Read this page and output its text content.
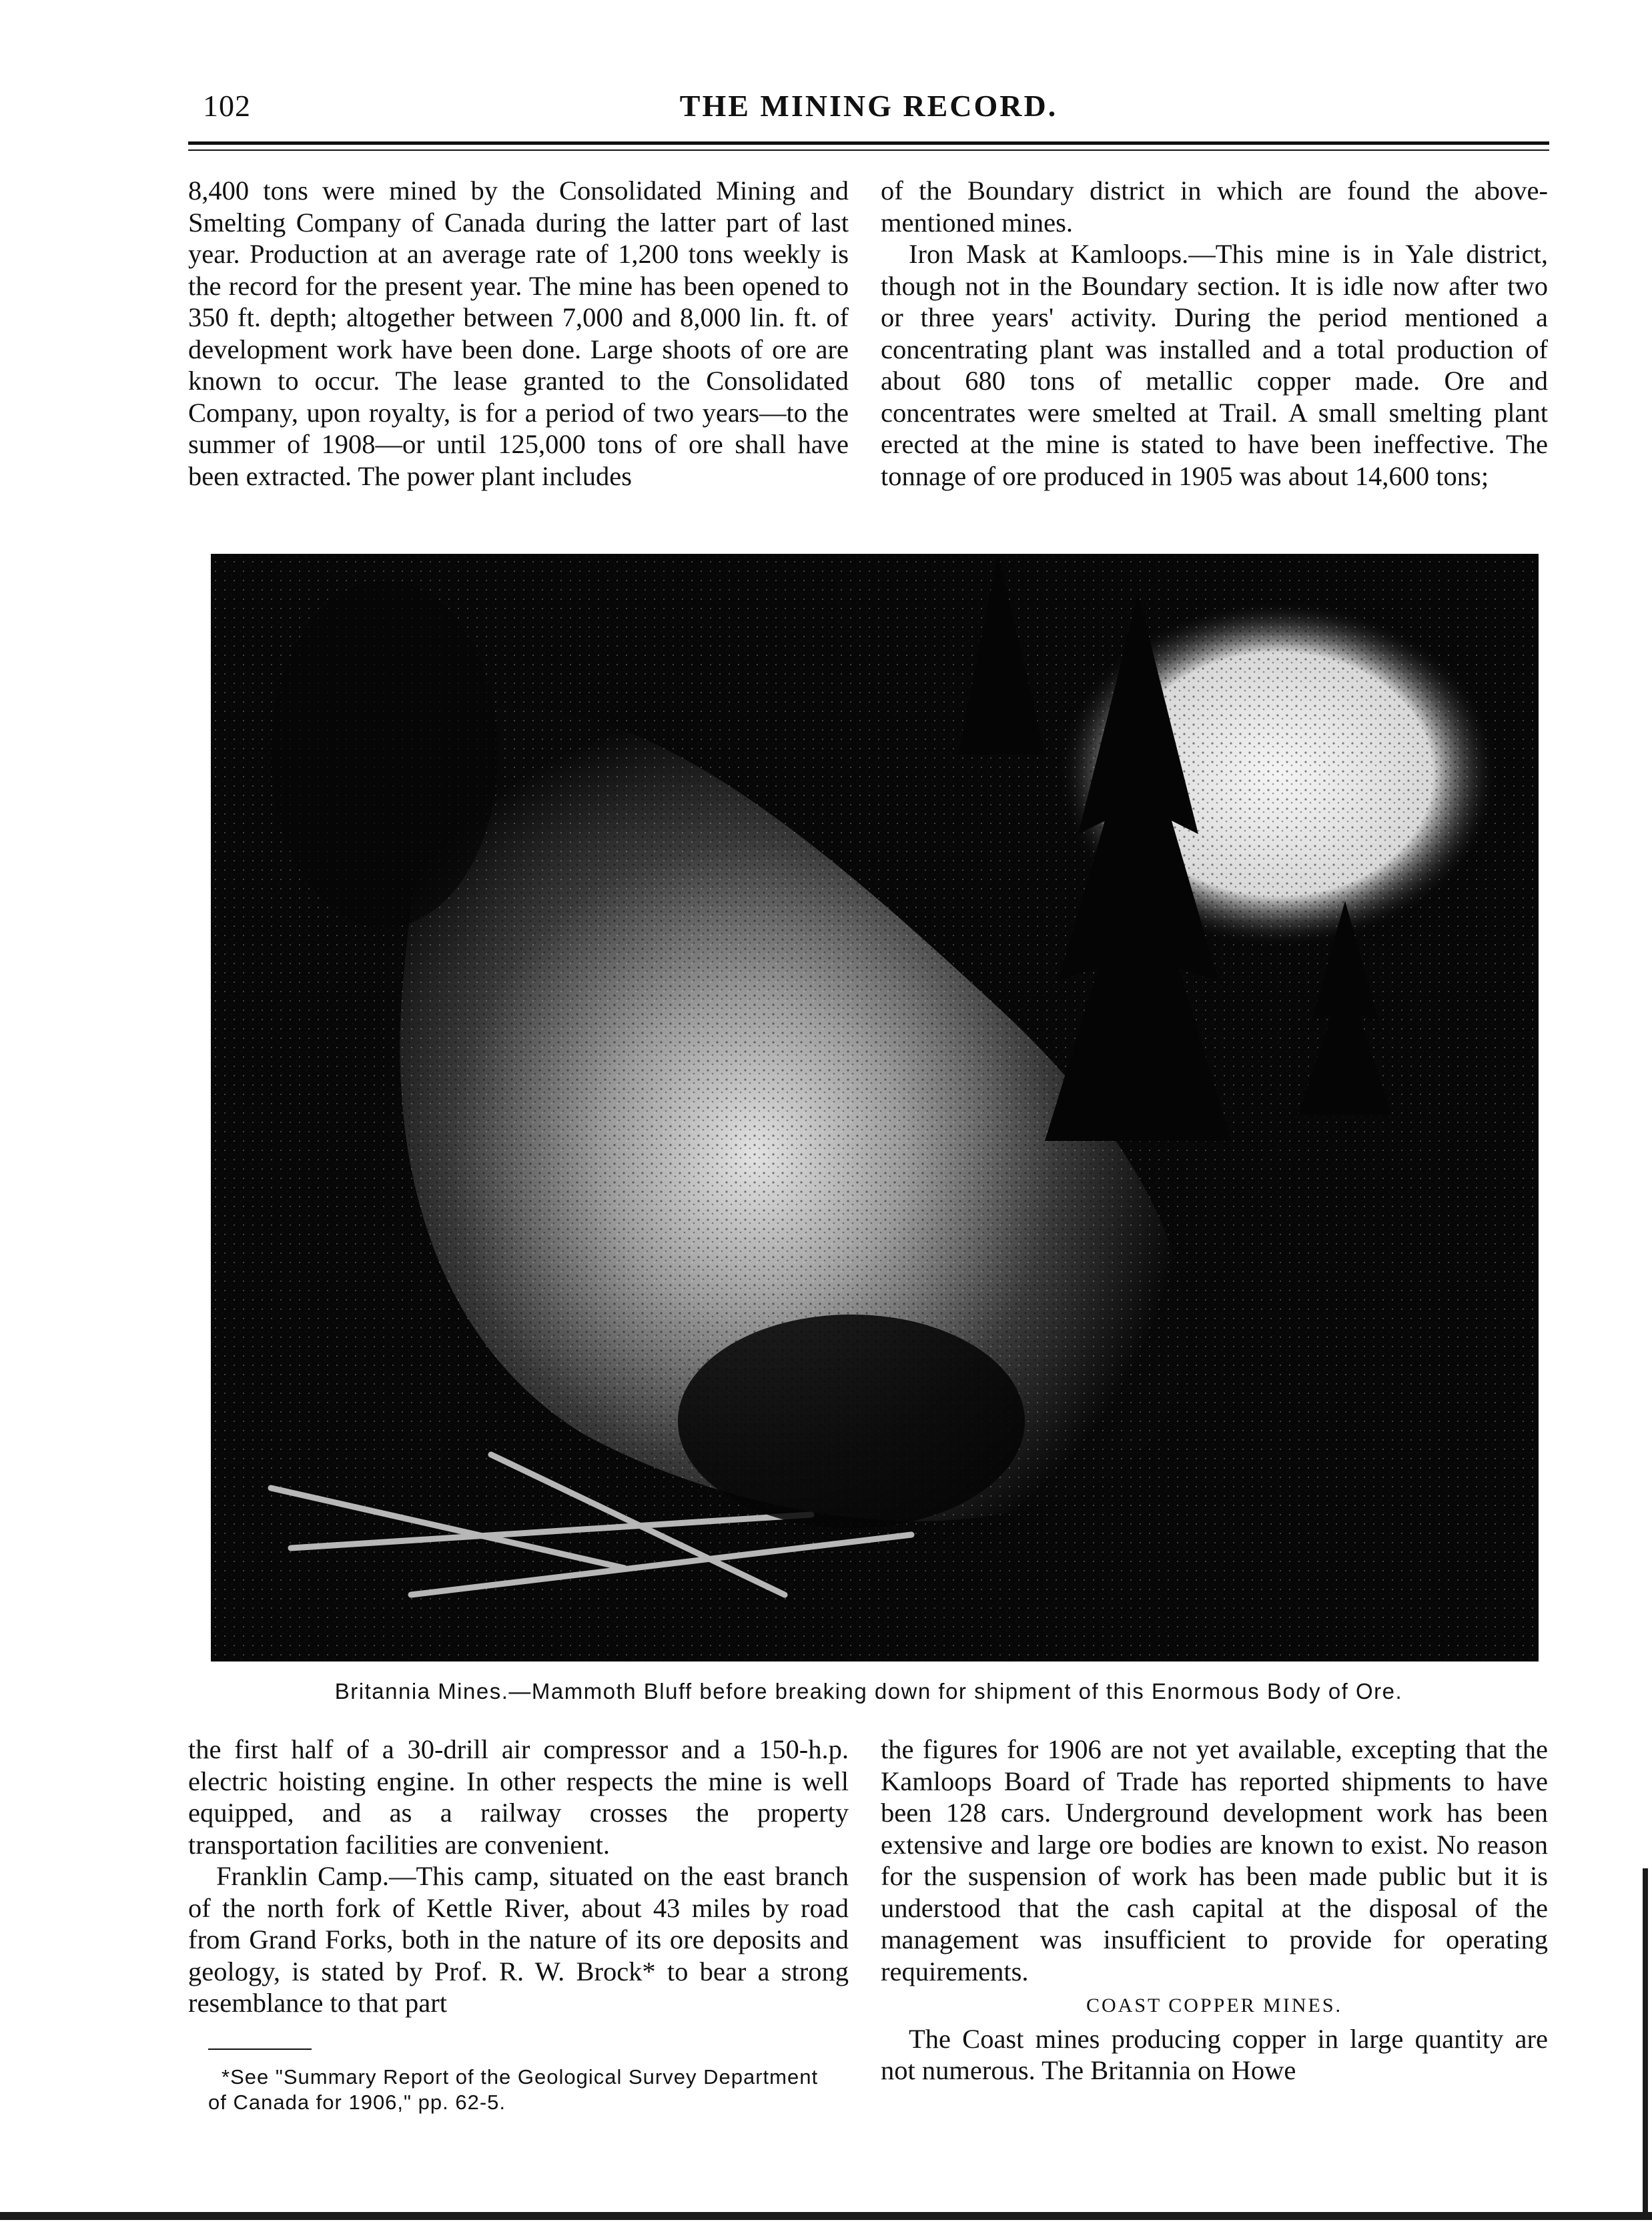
102	THE MINING RECORD.

8,400 tons were mined by the Consolidated Mining and Smelting Company of Canada during the latter part of last year. Production at an average rate of 1,200 tons weekly is the record for the present year. The mine has been opened to 350 ft. depth; altogether between 7,000 and 8,000 lin. ft. of development work have been done. Large shoots of ore are known to occur. The lease granted to the Consolidated Company, upon royalty, is for a period of two years—to the summer of 1908—or until 125,000 tons of ore shall have been extracted. The power plant includes

of the Boundary district in which are found the above-mentioned mines.

Iron Mask at Kamloops.—This mine is in Yale district, though not in the Boundary section. It is idle now after two or three years' activity. During the period mentioned a concentrating plant was installed and a total production of about 680 tons of metallic copper made. Ore and concentrates were smelted at Trail. A small smelting plant erected at the mine is stated to have been ineffective. The tonnage of ore produced in 1905 was about 14,600 tons;

Britannia Mines.—Mammoth Bluff before breaking down for shipment of this Enormous Body of Ore.

the first half of a 30-drill air compressor and a 150-h.p. electric hoisting engine. In other respects the mine is well equipped, and as a railway crosses the property transportation facilities are convenient.

Franklin Camp.—This camp, situated on the east branch of the north fork of Kettle River, about 43 miles by road from Grand Forks, both in the nature of its ore deposits and geology, is stated by Prof. R. W. Brock* to bear a strong resemblance to that part

the figures for 1906 are not yet available, excepting that the Kamloops Board of Trade has reported shipments to have been 128 cars. Underground development work has been extensive and large ore bodies are known to exist. No reason for the suspension of work has been made public but it is understood that the cash capital at the disposal of the management was insufficient to provide for operating requirements.

COAST COPPER MINES.

The Coast mines producing copper in large quantity are not numerous. The Britannia on Howe

*See "Summary Report of the Geological Survey Department of Canada for 1906," pp. 62-5.
